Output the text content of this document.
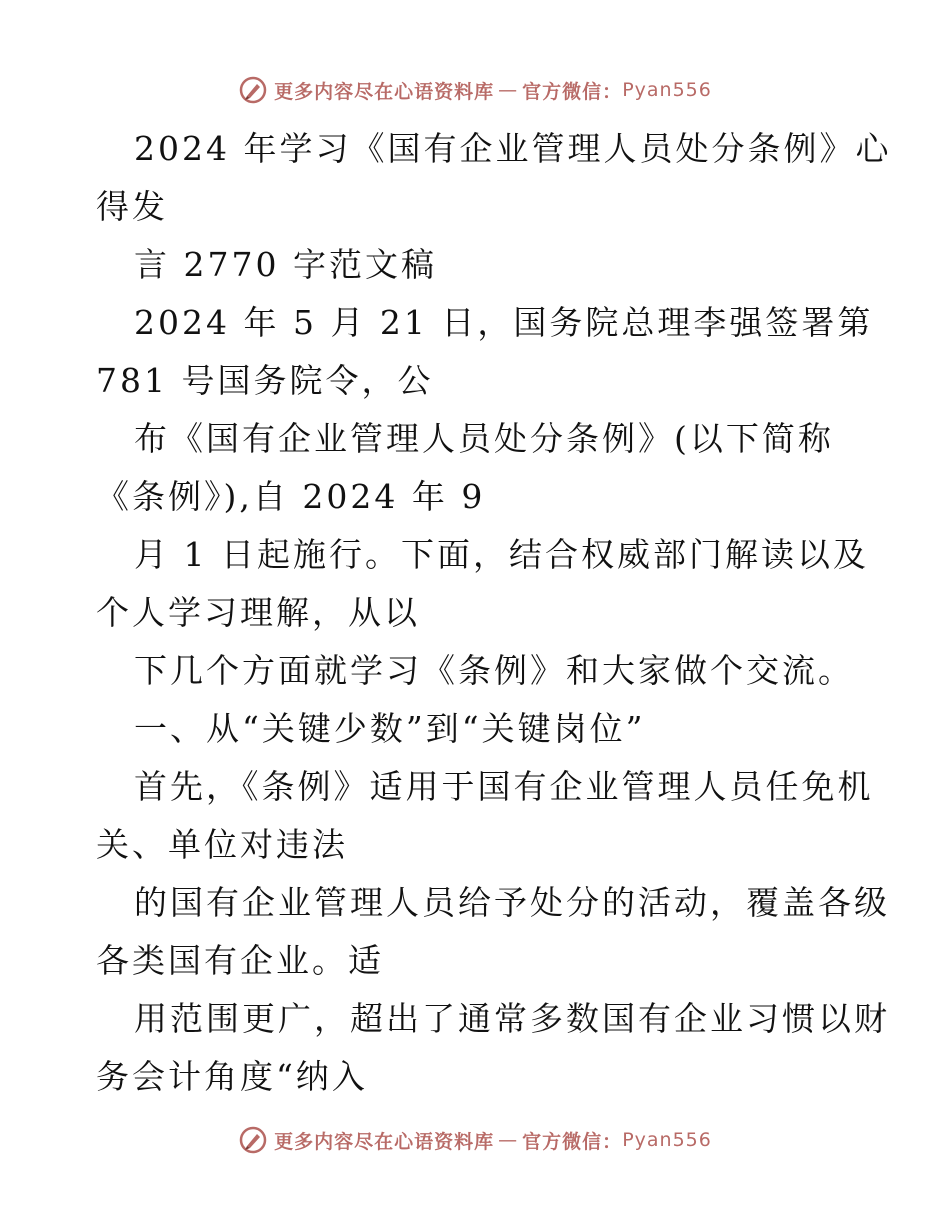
更多内容尽在心语资料库 — 官方微信： Pyan556

2024 年学习《国有企业管理人员处分条例》心

得发

言 2770 字范文稿

2024 年 5 月 21 日，国务院总理李强签署第

781 号国务院令，公

布《国有企业管理人员处分条例》(以下简称

《条例》),自 2024 年 9

月 1 日起施行。下面，结合权威部门解读以及

个人学习理解，从以

下几个方面就学习《条例》和大家做个交流。

一、从“关键少数”到“关键岗位”

首先，《条例》适用于国有企业管理人员任免机

关、单位对违法

的国有企业管理人员给予处分的活动，覆盖各级

各类国有企业。适

用范围更广，超出了通常多数国有企业习惯以财

务会计角度“纳入

更多内容尽在心语资料库 — 官方微信： Pyan556
